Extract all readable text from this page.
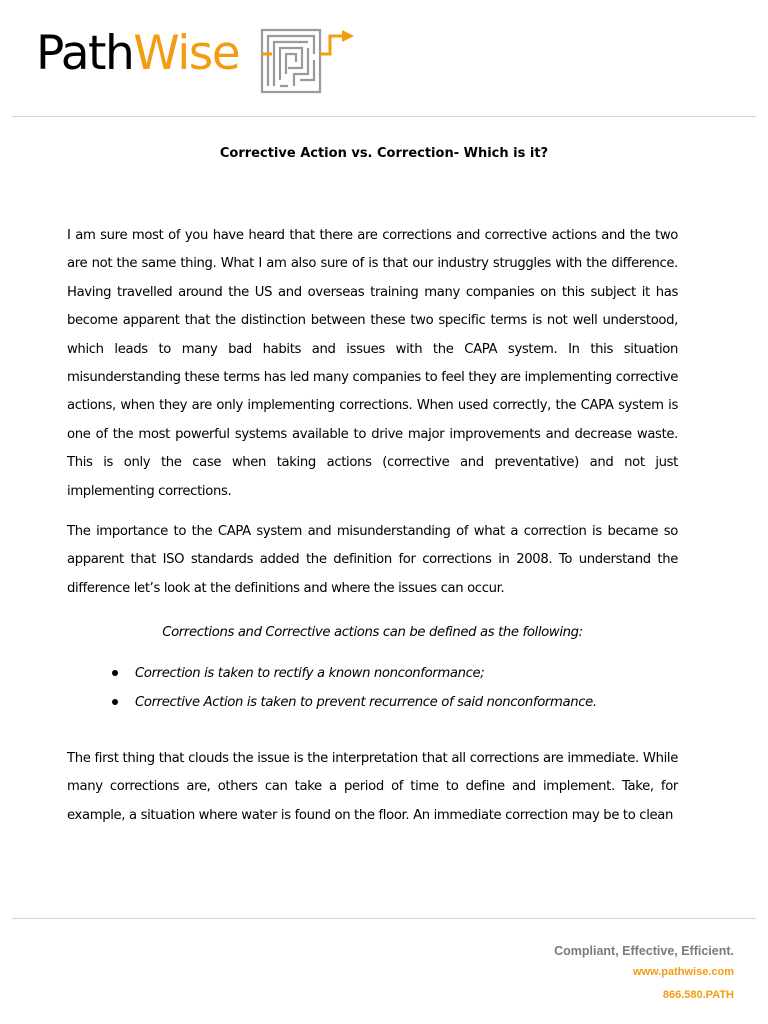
PathWise
Corrective Action vs. Correction- Which is it?

I am sure most of you have heard that there are corrections and corrective actions and the two are not the same thing. What I am also sure of is that our industry struggles with the difference. Having travelled around the US and overseas training many companies on this subject it has become apparent that the distinction between these two specific terms is not well understood, which leads to many bad habits and issues with the CAPA system. In this situation misunderstanding these terms has led many companies to feel they are implementing corrective actions, when they are only implementing corrections. When used correctly, the CAPA system is one of the most powerful systems available to drive major improvements and decrease waste. This is only the case when taking actions (corrective and preventative) and not just implementing corrections.

The importance to the CAPA system and misunderstanding of what a correction is became so apparent that ISO standards added the definition for corrections in 2008. To understand the difference let’s look at the definitions and where the issues can occur.

Corrections and Corrective actions can be defined as the following:

Correction is taken to rectify a known nonconformance;
Corrective Action is taken to prevent recurrence of said nonconformance.

The first thing that clouds the issue is the interpretation that all corrections are immediate. While many corrections are, others can take a period of time to define and implement. Take, for example, a situation where water is found on the floor. An immediate correction may be to clean

Compliant, Effective, Efficient.
www.pathwise.com
866.580.PATH
